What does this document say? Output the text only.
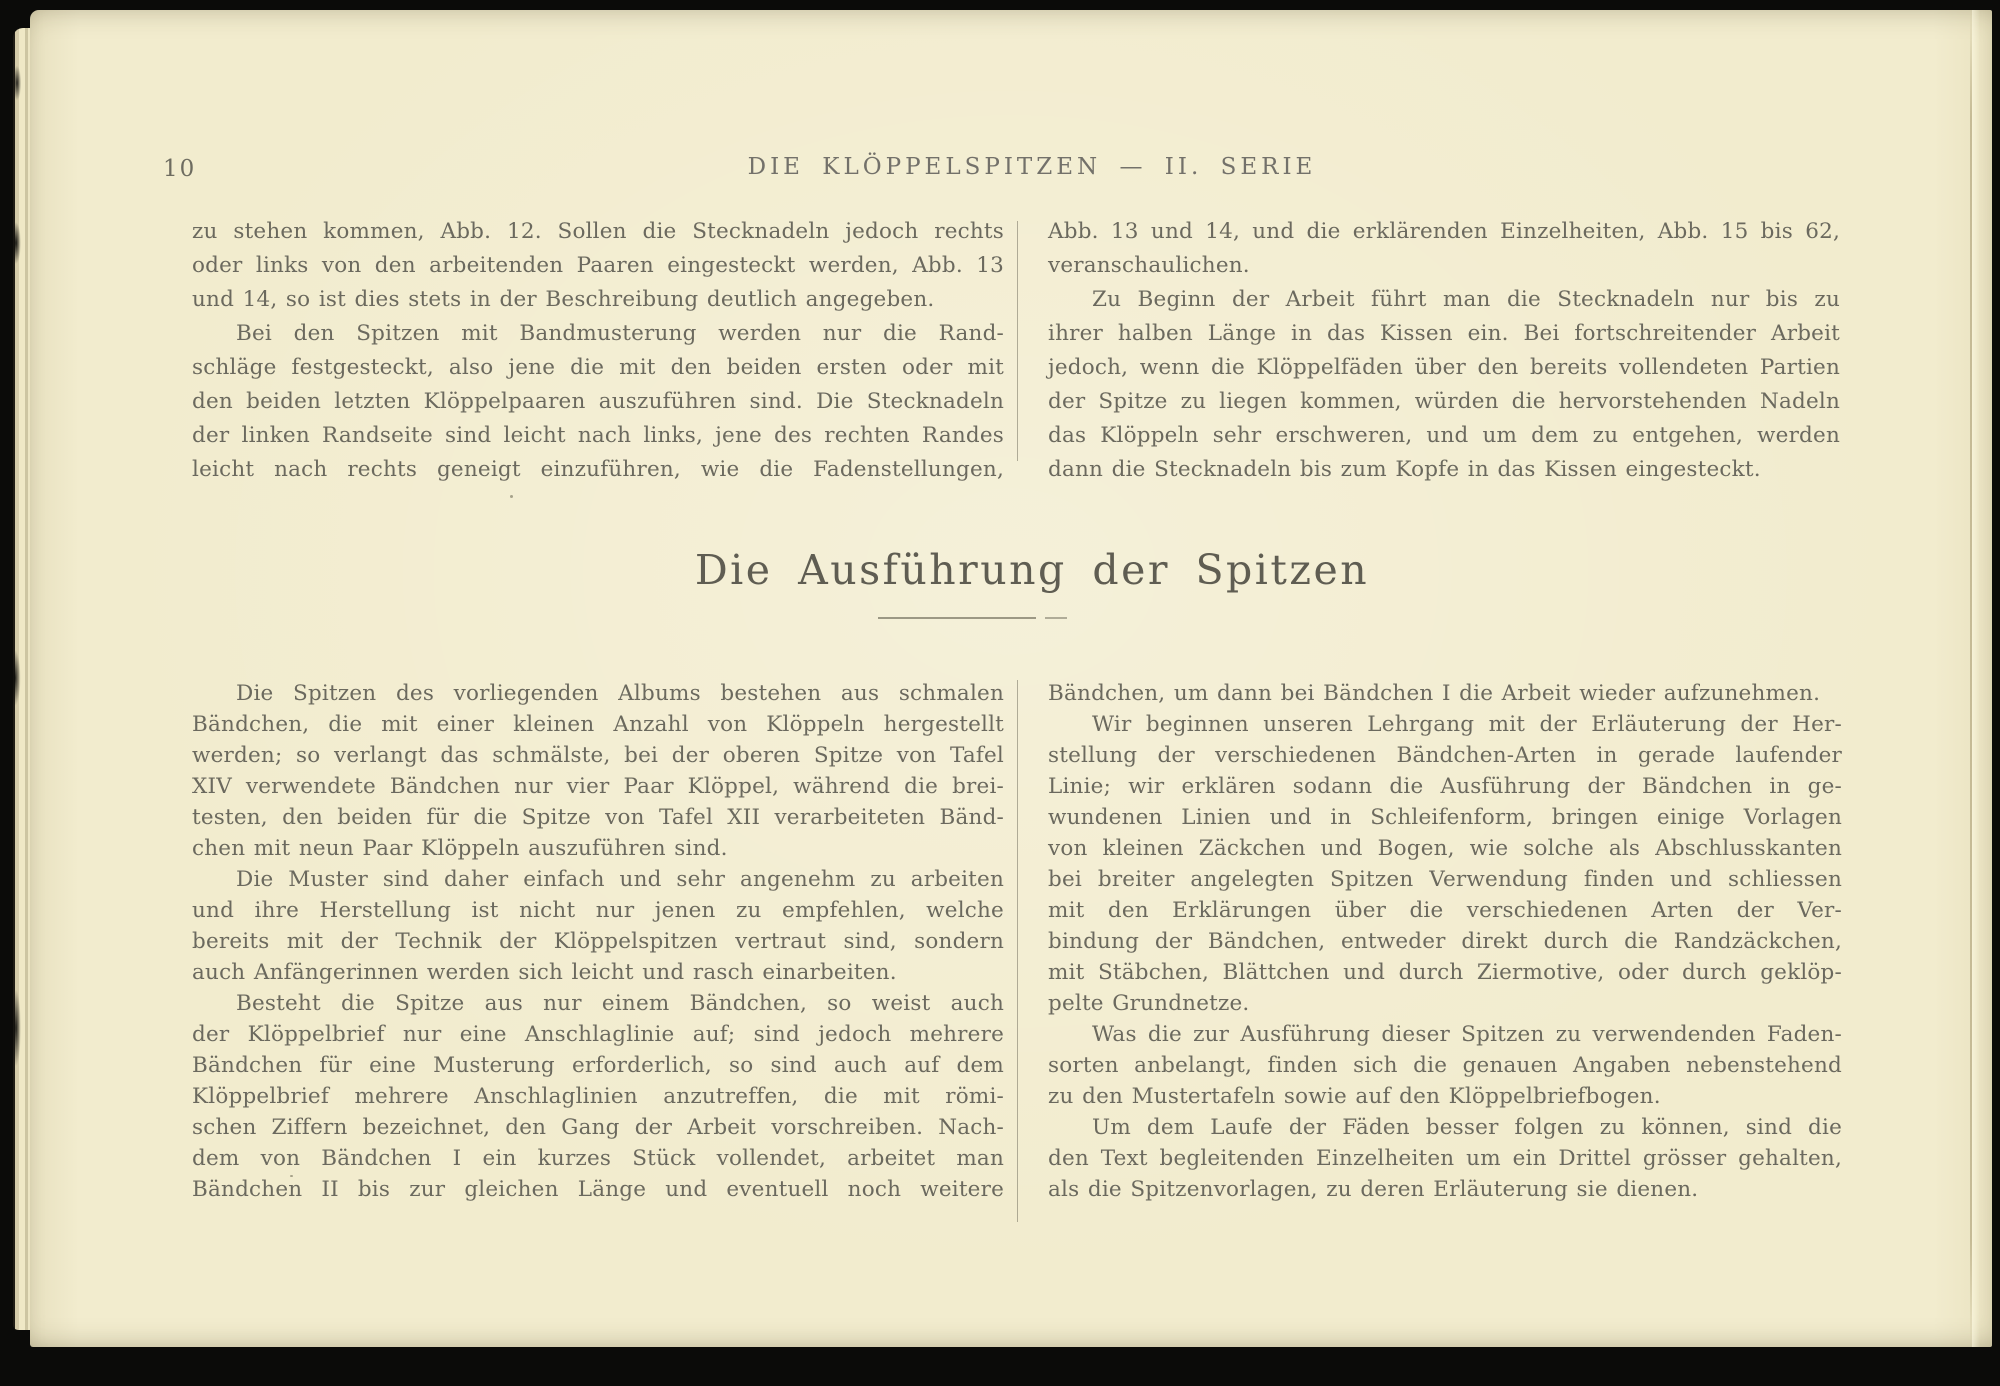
10	DIE KLÖPPELSPITZEN — II. SERIE
zu stehen kommen, Abb. 12. Sollen die Stecknadeln jedoch rechts
oder links von den arbeitenden Paaren eingesteckt werden, Abb. 13
und 14, so ist dies stets in der Beschreibung deutlich angegeben.
Bei den Spitzen mit Bandmusterung werden nur die Rand-
schläge festgesteckt, also jene die mit den beiden ersten oder mit
den beiden letzten Klöppelpaaren auszuführen sind. Die Stecknadeln
der linken Randseite sind leicht nach links, jene des rechten Randes
leicht nach rechts geneigt einzuführen, wie die Fadenstellungen,
Abb. 13 und 14, und die erklärenden Einzelheiten, Abb. 15 bis 62,
veranschaulichen.
Zu Beginn der Arbeit führt man die Stecknadeln nur bis zu
ihrer halben Länge in das Kissen ein. Bei fortschreitender Arbeit
jedoch, wenn die Klöppelfäden über den bereits vollendeten Partien
der Spitze zu liegen kommen, würden die hervorstehenden Nadeln
das Klöppeln sehr erschweren, und um dem zu entgehen, werden
dann die Stecknadeln bis zum Kopfe in das Kissen eingesteckt.
Die Ausführung der Spitzen
Die Spitzen des vorliegenden Albums bestehen aus schmalen
Bändchen, die mit einer kleinen Anzahl von Klöppeln hergestellt
werden; so verlangt das schmälste, bei der oberen Spitze von Tafel
XIV verwendete Bändchen nur vier Paar Klöppel, während die brei-
testen, den beiden für die Spitze von Tafel XII verarbeiteten Bänd-
chen mit neun Paar Klöppeln auszuführen sind.
Die Muster sind daher einfach und sehr angenehm zu arbeiten
und ihre Herstellung ist nicht nur jenen zu empfehlen, welche
bereits mit der Technik der Klöppelspitzen vertraut sind, sondern
auch Anfängerinnen werden sich leicht und rasch einarbeiten.
Besteht die Spitze aus nur einem Bändchen, so weist auch
der Klöppelbrief nur eine Anschlaglinie auf; sind jedoch mehrere
Bändchen für eine Musterung erforderlich, so sind auch auf dem
Klöppelbrief mehrere Anschlaglinien anzutreffen, die mit römi-
schen Ziffern bezeichnet, den Gang der Arbeit vorschreiben. Nach-
dem von Bändchen I ein kurzes Stück vollendet, arbeitet man
Bändchen II bis zur gleichen Länge und eventuell noch weitere
Bändchen, um dann bei Bändchen I die Arbeit wieder aufzunehmen.
Wir beginnen unseren Lehrgang mit der Erläuterung der Her-
stellung der verschiedenen Bändchen-Arten in gerade laufender
Linie; wir erklären sodann die Ausführung der Bändchen in ge-
wundenen Linien und in Schleifenform, bringen einige Vorlagen
von kleinen Zäckchen und Bogen, wie solche als Abschlusskanten
bei breiter angelegten Spitzen Verwendung finden und schliessen
mit den Erklärungen über die verschiedenen Arten der Ver-
bindung der Bändchen, entweder direkt durch die Randzäckchen,
mit Stäbchen, Blättchen und durch Ziermotive, oder durch geklöp-
pelte Grundnetze.
Was die zur Ausführung dieser Spitzen zu verwendenden Faden-
sorten anbelangt, finden sich die genauen Angaben nebenstehend
zu den Mustertafeln sowie auf den Klöppelbriefbogen.
Um dem Laufe der Fäden besser folgen zu können, sind die
den Text begleitenden Einzelheiten um ein Drittel grösser gehalten,
als die Spitzenvorlagen, zu deren Erläuterung sie dienen.
